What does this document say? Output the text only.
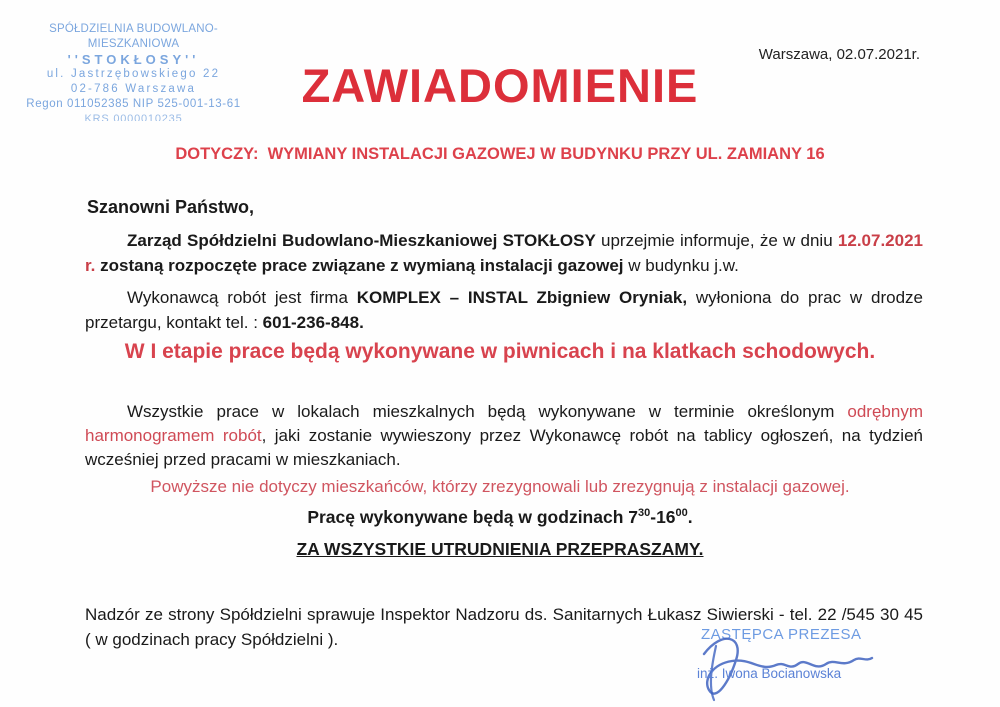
SPÓŁDZIELNIA BUDOWLANO-MIESZKANIOWA
''STOKŁOSY''
ul. Jastrzębowskiego 22
02-786 Warszawa
Regon 011052385 NIP 525-001-13-61
KRS 0000010235
Warszawa, 02.07.2021r.
ZAWIADOMIENIE
DOTYCZY:  WYMIANY INSTALACJI GAZOWEJ W BUDYNKU PRZY UL. ZAMIANY 16
Szanowni Państwo,

Zarząd Spółdzielni Budowlano-Mieszkaniowej STOKŁOSY uprzejmie informuje, że w dniu 12.07.2021 r. zostaną rozpoczęte prace związane z wymianą instalacji gazowej w budynku j.w.

Wykonawcą robót jest firma KOMPLEX – INSTAL Zbigniew Oryniak, wyłoniona do prac w drodze przetargu, kontakt tel. : 601-236-848.

W I etapie prace będą wykonywane w piwnicach i na klatkach schodowych.

Wszystkie prace w lokalach mieszkalnych będą wykonywane w terminie określonym odrębnym harmonogramem robót, jaki zostanie wywieszony przez Wykonawcę robót na tablicy ogłoszeń, na tydzień wcześniej przed pracami w mieszkaniach.

Powyższe nie dotyczy mieszkańców, którzy zrezygnowali lub zrezygnują z instalacji gazowej.
Pracę wykonywane będą w godzinach $7^{30}-16^{00}$.
ZA WSZYSTKIE UTRUDNIENIA PRZEPRASZAMY.

Nadzór ze strony Spółdzielni sprawuje Inspektor Nadzoru ds. Sanitarnych Łukasz Siwierski - tel. 22 /545 30 45 ( w godzinach pracy Spółdzielni ).	ZASTĘPCA PREZESA
inż. Iwona Bocianowska
